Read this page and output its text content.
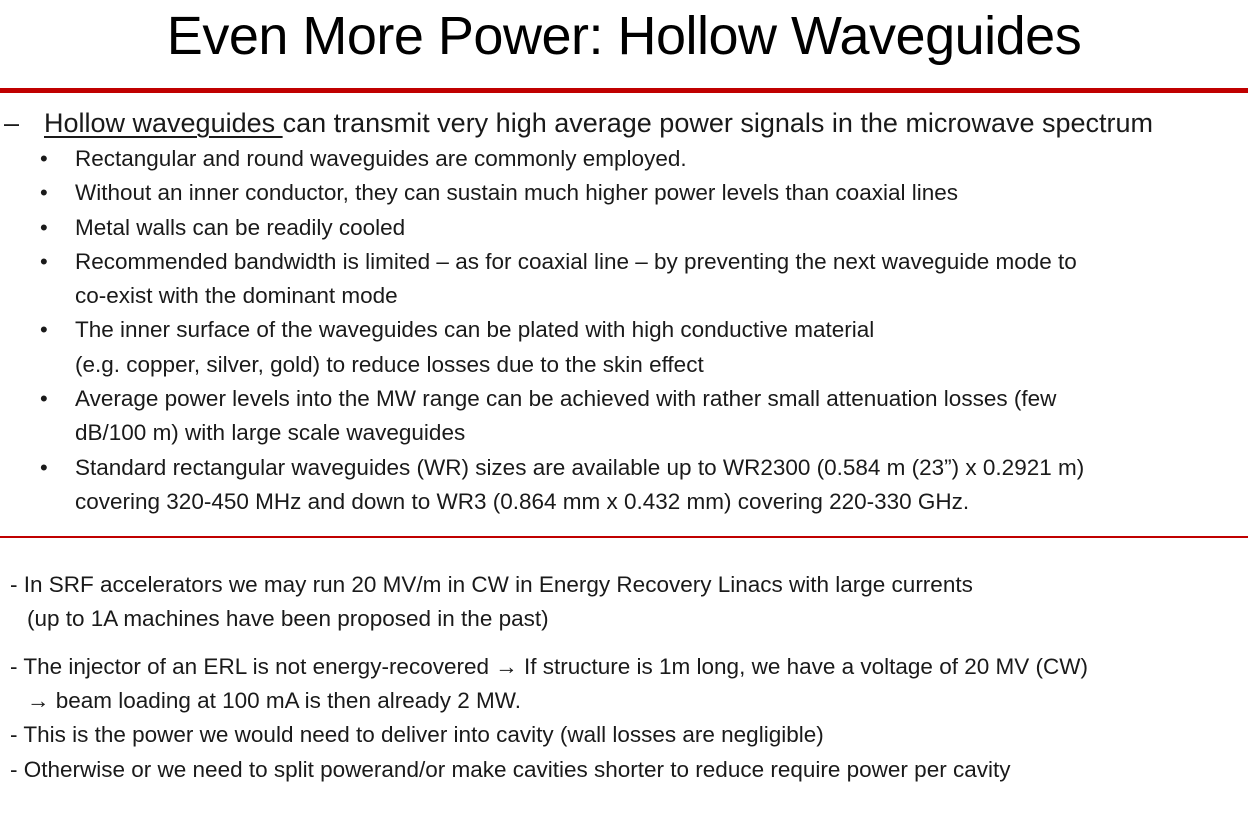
Even More Power: Hollow Waveguides
– Hollow waveguides can transmit very high average power signals in the microwave spectrum
• Rectangular and round waveguides are commonly employed.
• Without an inner conductor, they can sustain much higher power levels than coaxial lines
• Metal walls can be readily cooled
• Recommended bandwidth is limited – as for coaxial line – by preventing the next waveguide mode to
co-exist with the dominant mode
• The inner surface of the waveguides can be plated with high conductive material
(e.g. copper, silver, gold) to reduce losses due to the skin effect
• Average power levels into the MW range can be achieved with rather small attenuation losses (few
dB/100 m) with large scale waveguides
• Standard rectangular waveguides (WR) sizes are available up to WR2300 (0.584 m (23”) x 0.2921 m)
covering 320-450 MHz and down to WR3 (0.864 mm x 0.432 mm) covering 220-330 GHz.
- In SRF accelerators we may run 20 MV/m in CW in Energy Recovery Linacs with large currents
(up to 1A machines have been proposed in the past)
- The injector of an ERL is not energy-recovered → If structure is 1m long, we have a voltage of 20 MV (CW)
→ beam loading at 100 mA is then already 2 MW.
- This is the power we would need to deliver into cavity (wall losses are negligible)
- Otherwise or we need to split powerand/or make cavities shorter to reduce require power per cavity
